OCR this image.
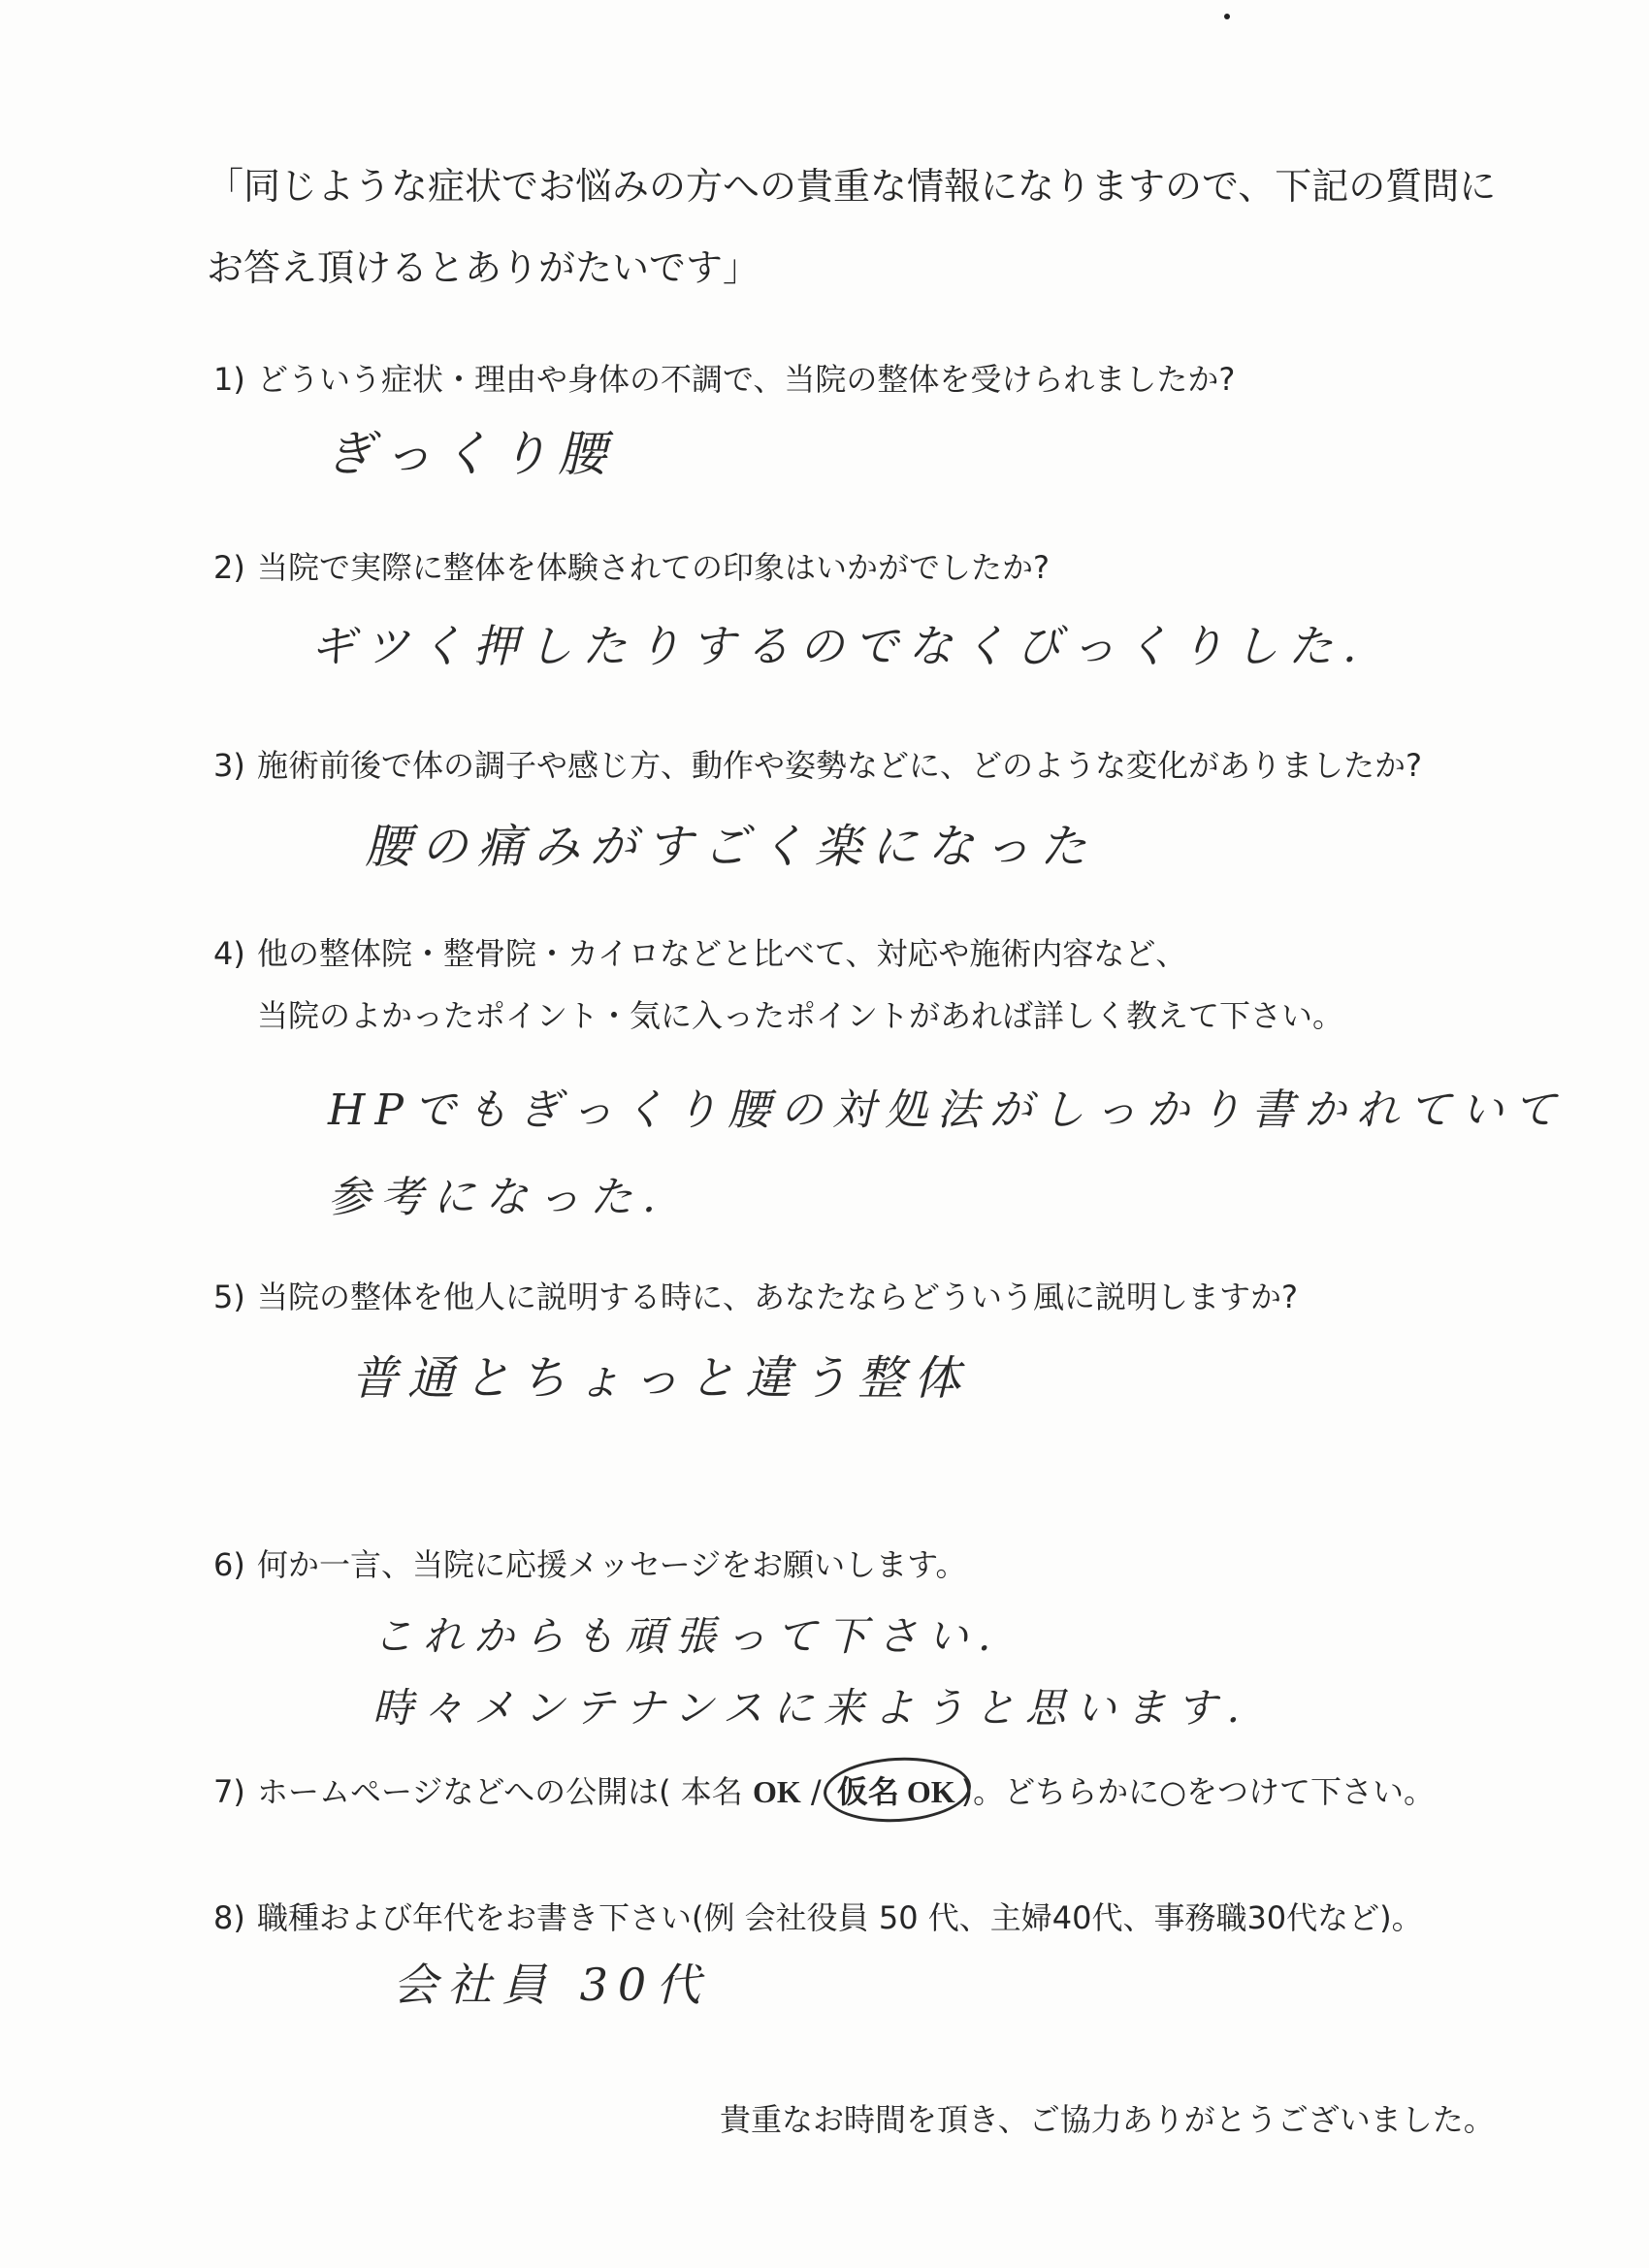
「同じような症状でお悩みの方への貴重な情報になりますので、下記の質問に
お答え頂けるとありがたいです」
1) どういう症状・理由や身体の不調で、当院の整体を受けられましたか?
ぎっくり腰
2) 当院で実際に整体を体験されての印象はいかがでしたか?
ギツく押したりするのでなくびっくりした.
3) 施術前後で体の調子や感じ方、動作や姿勢などに、どのような変化がありましたか?
腰の痛みがすごく楽になった
4) 他の整体院・整骨院・カイロなどと比べて、対応や施術内容など、
当院のよかったポイント・気に入ったポイントがあれば詳しく教えて下さい。
HPでもぎっくり腰の対処法がしっかり書かれていて
参考になった.
5) 当院の整体を他人に説明する時に、あなたならどういう風に説明しますか?
普通とちょっと違う整体
6) 何か一言、当院に応援メッセージをお願いします。
これからも頑張って下さい.
時々メンテナンスに来ようと思います.
7) ホームページなどへの公開は( 本名 OK / 仮名 OK )。どちらかに○をつけて下さい。
8) 職種および年代をお書き下さい(例 会社役員 50 代、主婦40代、事務職30代など)。
会社員 30代
貴重なお時間を頂き、ご協力ありがとうございました。
